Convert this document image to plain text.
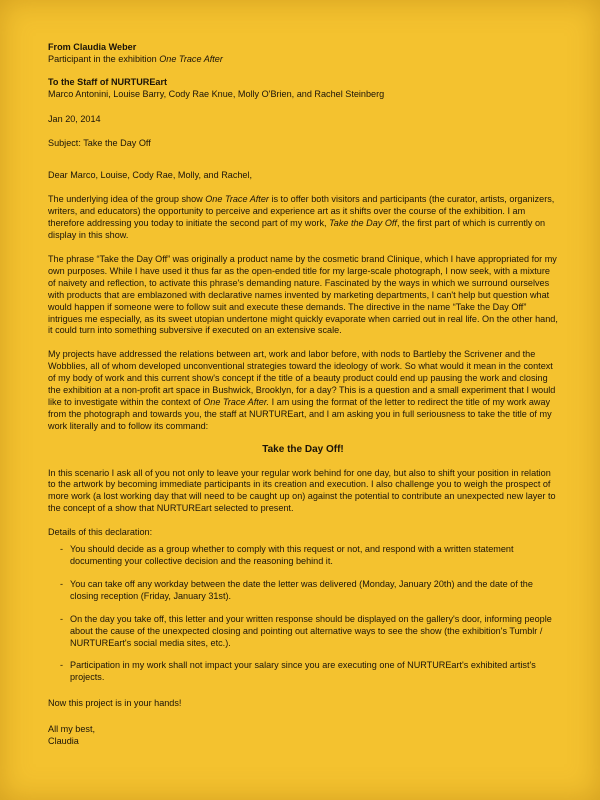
From Claudia Weber
Participant in the exhibition One Trace After
To the Staff of NURTUREart
Marco Antonini, Louise Barry, Cody Rae Knue, Molly O'Brien, and Rachel Steinberg
Jan 20, 2014
Subject: Take the Day Off
Dear Marco, Louise, Cody Rae, Molly, and Rachel,

The underlying idea of the group show One Trace After is to offer both visitors and participants (the curator, artists, organizers, writers, and educators) the opportunity to perceive and experience art as it shifts over the course of the exhibition. I am therefore addressing you today to initiate the second part of my work, Take the Day Off, the first part of which is currently on display in this show.

The phrase “Take the Day Off” was originally a product name by the cosmetic brand Clinique, which I have appropriated for my own purposes. While I have used it thus far as the open-ended title for my large-scale photograph, I now seek, with a mixture of naivety and reflection, to activate this phrase's demanding nature. Fascinated by the ways in which we surround ourselves with products that are emblazoned with declarative names invented by marketing departments, I can't help but question what would happen if someone were to follow suit and execute these demands. The directive in the name “Take the Day Off” intrigues me especially, as its sweet utopian undertone might quickly evaporate when carried out in real life. On the other hand, it could turn into something subversive if executed on an extensive scale.

My projects have addressed the relations between art, work and labor before, with nods to Bartleby the Scrivener and the Wobblies, all of whom developed unconventional strategies toward the ideology of work. So what would it mean in the context of my body of work and this current show's concept if the title of a beauty product could end up pausing the work and closing the exhibition at a non-profit art space in Bushwick, Brooklyn, for a day? This is a question and a small experiment that I would like to investigate within the context of One Trace After. I am using the format of the letter to redirect the title of my work away from the photograph and towards you, the staff at NURTUREart, and I am asking you in full seriousness to take the title of my work literally and to follow its command:

Take the Day Off!

In this scenario I ask all of you not only to leave your regular work behind for one day, but also to shift your position in relation to the artwork by becoming immediate participants in its creation and execution. I also challenge you to weigh the prospect of more work (a lost working day that will need to be caught up on) against the potential to contribute an unexpected new layer to the concept of a show that NURTUREart selected to present.

Details of this declaration:
- You should decide as a group whether to comply with this request or not, and respond with a written statement documenting your collective decision and the reasoning behind it.
- You can take off any workday between the date the letter was delivered (Monday, January 20th) and the date of the closing reception (Friday, January 31st).
- On the day you take off, this letter and your written response should be displayed on the gallery's door, informing people about the cause of the unexpected closing and pointing out alternative ways to see the show (the exhibition's Tumblr / NURTUREart's social media sites, etc.).
- Participation in my work shall not impact your salary since you are executing one of NURTUREart's exhibited artist's projects.
Now this project is in your hands!
All my best,
Claudia
